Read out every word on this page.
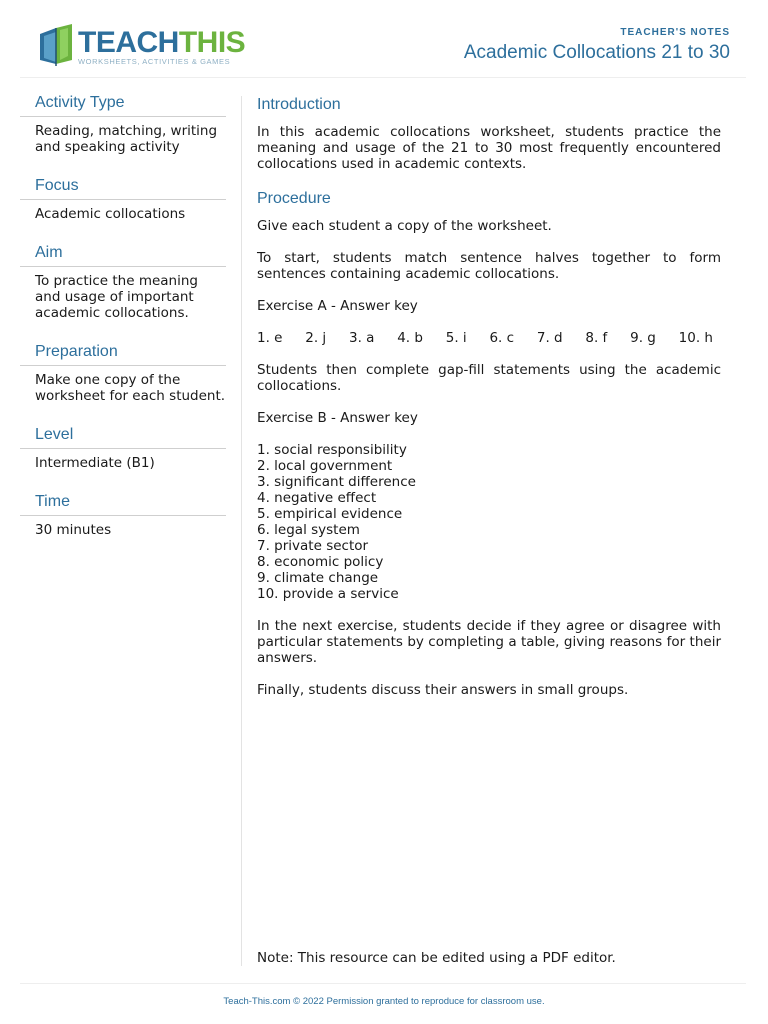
TEACHTHIS
WORKSHEETS, ACTIVITIES & GAMES
TEACHER'S NOTES
Academic Collocations 21 to 30
Activity Type
Reading, matching, writing and speaking activity
Focus
Academic collocations
Aim
To practice the meaning and usage of important academic collocations.
Preparation
Make one copy of the worksheet for each student.
Level
Intermediate (B1)
Time
30 minutes
Introduction

In this academic collocations worksheet, students practice the meaning and usage of the 21 to 30 most frequently encountered collocations used in academic contexts.

Procedure

Give each student a copy of the worksheet.

To start, students match sentence halves together to form sentences containing academic collocations.

Exercise A - Answer key

1. e 2. j 3. a 4. b 5. i 6. c 7. d 8. f 9. g 10. h

Students then complete gap-fill statements using the academic collocations.

Exercise B - Answer key

1. social responsibility
2. local government
3. significant difference
4. negative effect
5. empirical evidence
6. legal system
7. private sector
8. economic policy
9. climate change
10. provide a service

In the next exercise, students decide if they agree or disagree with particular statements by completing a table, giving reasons for their answers.

Finally, students discuss their answers in small groups.

Note: This resource can be edited using a PDF editor.
Teach-This.com © 2022 Permission granted to reproduce for classroom use.
